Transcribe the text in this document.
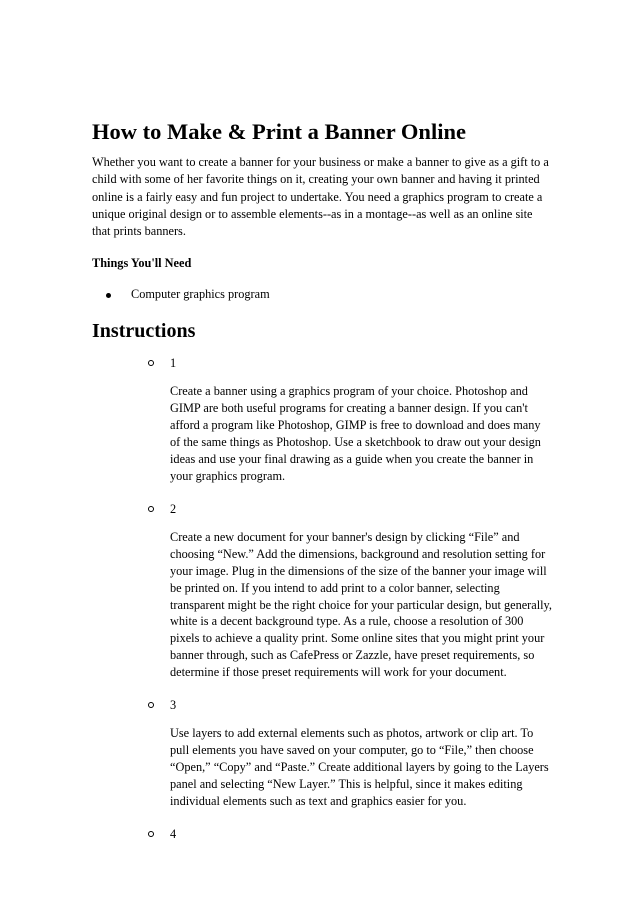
How to Make & Print a Banner Online

Whether you want to create a banner for your business or make a banner to give as a gift to a child with some of her favorite things on it, creating your own banner and having it printed online is a fairly easy and fun project to undertake. You need a graphics program to create a unique original design or to assemble elements--as in a montage--as well as an online site that prints banners.

Things You'll Need

Computer graphics program
Instructions

1

Create a banner using a graphics program of your choice. Photoshop and GIMP are both useful programs for creating a banner design. If you can't afford a program like Photoshop, GIMP is free to download and does many of the same things as Photoshop. Use a sketchbook to draw out your design ideas and use your final drawing as a guide when you create the banner in your graphics program.

2

Create a new document for your banner's design by clicking “File” and choosing “New.” Add the dimensions, background and resolution setting for your image. Plug in the dimensions of the size of the banner your image will be printed on. If you intend to add print to a color banner, selecting transparent might be the right choice for your particular design, but generally, white is a decent background type. As a rule, choose a resolution of 300 pixels to achieve a quality print. Some online sites that you might print your banner through, such as CafePress or Zazzle, have preset requirements, so determine if those preset requirements will work for your document.

3

Use layers to add external elements such as photos, artwork or clip art. To pull elements you have saved on your computer, go to “File,” then choose “Open,” “Copy” and “Paste.” Create additional layers by going to the Layers panel and selecting “New Layer.” This is helpful, since it makes editing individual elements such as text and graphics easier for you.

4
